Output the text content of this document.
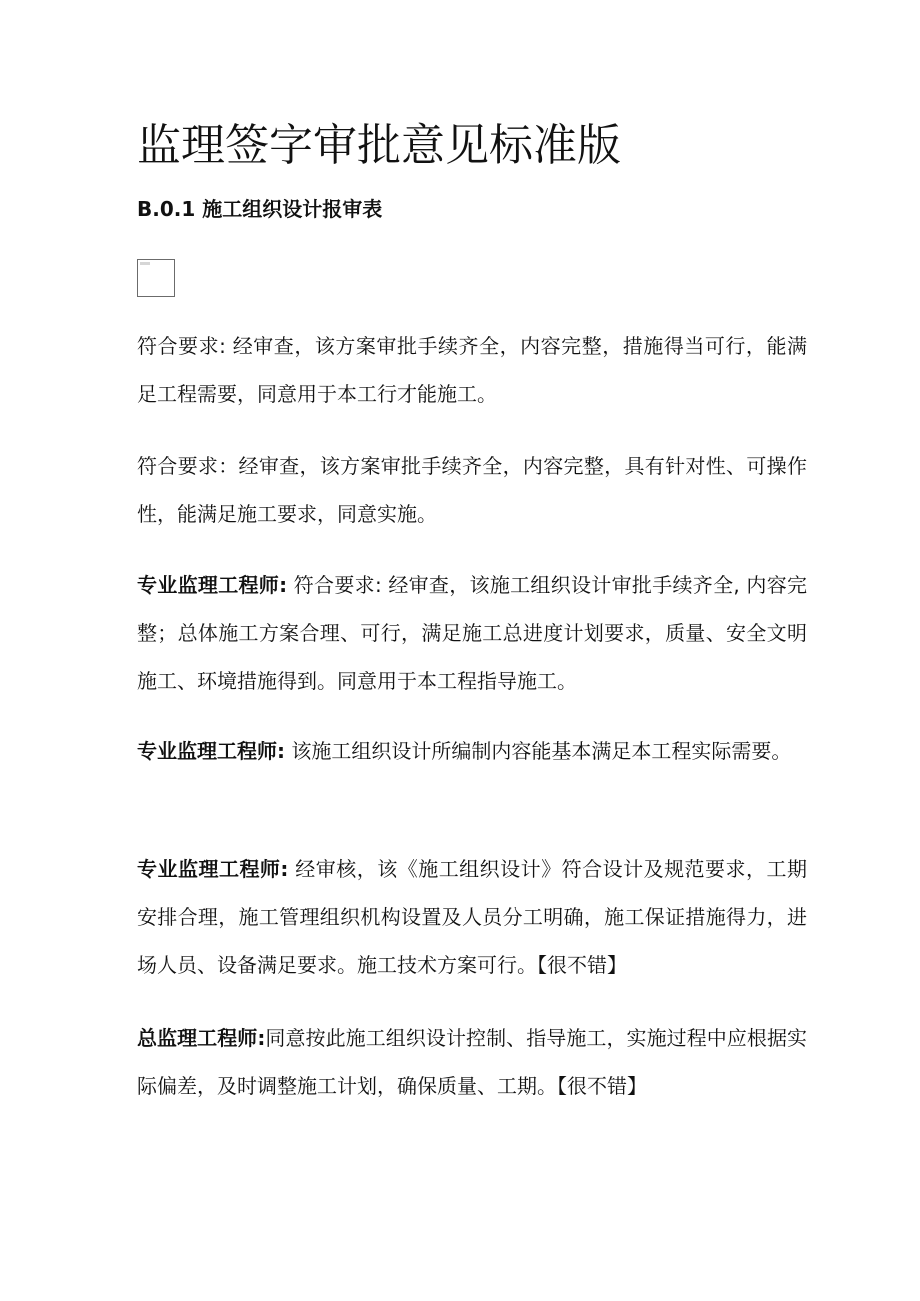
监理签字审批意见标准版
B.0.1 施工组织设计报审表

符合要求: 经审查，该方案审批手续齐全，内容完整，措施得当可行，能满足工程需要，同意用于本工行才能施工。

符合要求：经审查，该方案审批手续齐全，内容完整，具有针对性、可操作性，能满足施工要求，同意实施。

专业监理工程师: 符合要求: 经审查，该施工组织设计审批手续齐全, 内容完整；总体施工方案合理、可行，满足施工总进度计划要求，质量、安全文明施工、环境措施得到。同意用于本工程指导施工。

专业监理工程师: 该施工组织设计所编制内容能基本满足本工程实际需要。

专业监理工程师: 经审核，该《施工组织设计》符合设计及规范要求，工期安排合理，施工管理组织机构设置及人员分工明确，施工保证措施得力，进场人员、设备满足要求。施工技术方案可行。【很不错】

总监理工程师:同意按此施工组织设计控制、指导施工，实施过程中应根据实际偏差，及时调整施工计划，确保质量、工期。【很不错】
